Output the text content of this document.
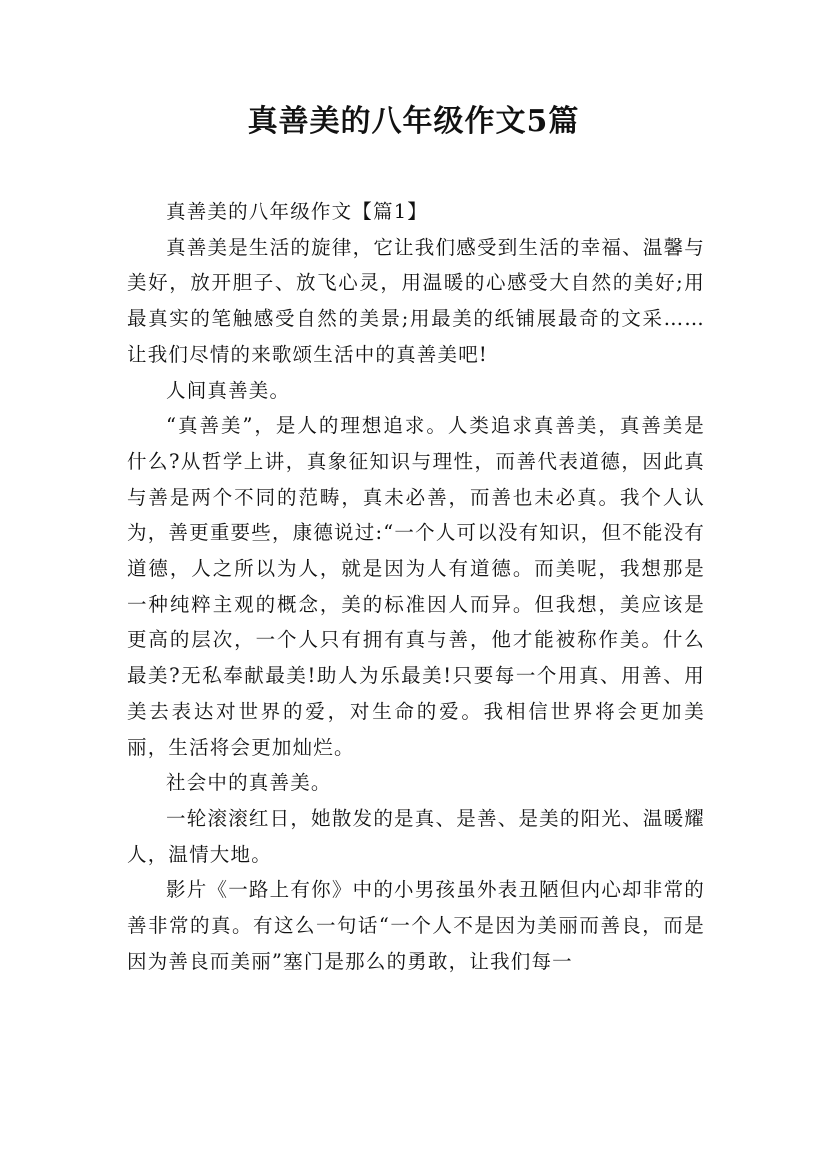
真善美的八年级作文5篇

真善美的八年级作文【篇1】

真善美是生活的旋律，它让我们感受到生活的幸福、温馨与美好，放开胆子、放飞心灵，用温暖的心感受大自然的美好;用最真实的笔触感受自然的美景;用最美的纸铺展最奇的文采……让我们尽情的来歌颂生活中的真善美吧!

人间真善美。

“真善美”，是人的理想追求。人类追求真善美，真善美是什么?从哲学上讲，真象征知识与理性，而善代表道德，因此真与善是两个不同的范畴，真未必善，而善也未必真。我个人认为，善更重要些，康德说过:“一个人可以没有知识，但不能没有道德，人之所以为人，就是因为人有道德。而美呢，我想那是一种纯粹主观的概念，美的标准因人而异。但我想，美应该是更高的层次，一个人只有拥有真与善，他才能被称作美。什么最美?无私奉献最美!助人为乐最美!只要每一个用真、用善、用美去表达对世界的爱，对生命的爱。我相信世界将会更加美丽，生活将会更加灿烂。

社会中的真善美。

一轮滚滚红日，她散发的是真、是善、是美的阳光、温暖耀人，温情大地。

影片《一路上有你》中的小男孩虽外表丑陋但内心却非常的善非常的真。有这么一句话“一个人不是因为美丽而善良，而是因为善良而美丽”塞门是那么的勇敢，让我们每一
